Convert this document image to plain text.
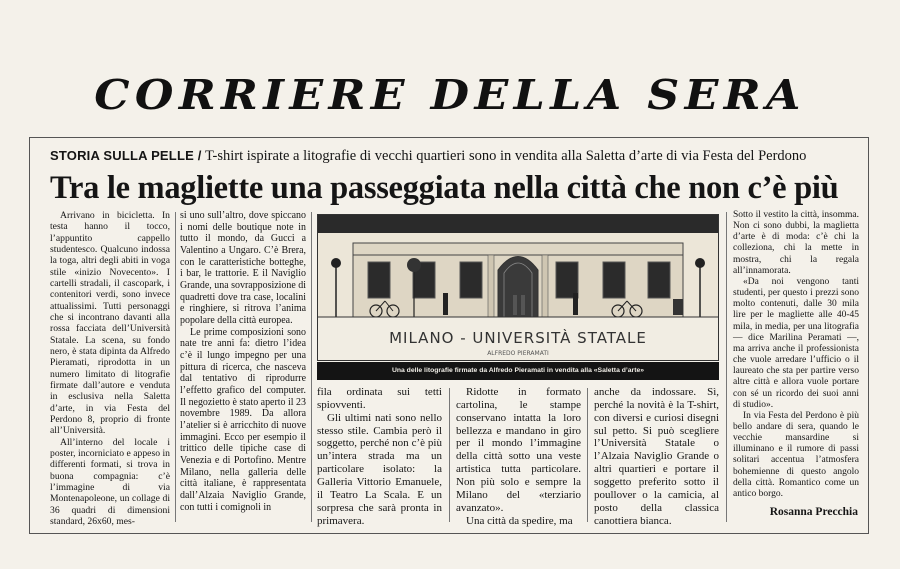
CORRIERE DELLA SERA
STORIA SULLA PELLE / T-shirt ispirate a litografie di vecchi quartieri sono in vendita alla Saletta d’arte di via Festa del Perdono
Tra le magliette una passeggiata nella città che non c’è più

Arrivano in bicicletta. In testa hanno il tocco, l’appuntito cappello studentesco. Qualcuno indossa la toga, altri degli abiti in voga stile «inizio Novecento». I cartelli stradali, il cascopark, i contenitori verdi, sono invece attualissimi. Tutti personaggi che si incontrano davanti alla rossa facciata dell’Università Statale. La scena, su fondo nero, è stata dipinta da Alfredo Pieramati, riprodotta in un numero limitato di litografie firmate dall’autore e venduta in esclusiva nella Saletta d’arte, in via Festa del Perdono 8, proprio di fronte all’Università.

All’interno del locale i poster, incorniciato e appeso in differenti formati, si trova in buona compagnia: c’è l’immagine di via Montenapoleone, un collage di 36 quadri di dimensioni standard, 26x60, mes-

si uno sull’altro, dove spiccano i nomi delle boutique note in tutto il mondo, da Gucci a Valentino a Ungaro. C’è Brera, con le caratteristiche botteghe, i bar, le trattorie. E il Naviglio Grande, una sovrapposizione di quadretti dove tra case, localini e ringhiere, si ritrova l’anima popolare della città europea.

Le prime composizioni sono nate tre anni fa: dietro l’idea c’è il lungo impegno per una pittura di ricerca, che nasceva dal tentativo di riprodurre l’effetto grafico del computer. Il negozietto è stato aperto il 23 novembre 1989. Da allora l’atelier si è arricchito di nuove immagini. Ecco per esempio il trittico delle tipiche case di Venezia e di Portofino. Mentre Milano, nella galleria delle città italiane, è rappresentata dall’Alzaia Naviglio Grande, con tutti i comignoli in

MILANO - UNIVERSITÀ STATALE
ALFREDO PIERAMATI
Una delle litografie firmate da Alfredo Pieramati in vendita alla «Saletta d’arte»

fila ordinata sui tetti spiovventi.

Gli ultimi nati sono nello stesso stile. Cambia però il soggetto, perché non c’è più un’intera strada ma un particolare isolato: la Galleria Vittorio Emanuele, il Teatro La Scala. E un sorpresa che sarà pronta in primavera.

Ridotte in formato cartolina, le stampe conservano intatta la loro bellezza e mandano in giro per il mondo l’immagine della città sotto una veste artistica tutta particolare. Non più solo e sempre la Milano del «terziario avanzato».

Una città da spedire, ma

anche da indossare. Sì, perché la novità è la T-shirt, con diversi e curiosi disegni sul petto. Si può scegliere l’Università Statale o l’Alzaia Naviglio Grande o altri quartieri e portare il soggetto preferito sotto il poullover o la camicia, al posto della classica canottiera bianca.

Sotto il vestito la città, insomma. Non ci sono dubbi, la maglietta d’arte è di moda: c’è chi la colleziona, chi la mette in mostra, chi la regala all’innamorata.

«Da noi vengono tanti studenti, per questo i prezzi sono molto contenuti, dalle 30 mila lire per le magliette alle 40-45 mila, in media, per una litografia — dice Marilina Peramati —, ma arriva anche il professionista che vuole arredare l’ufficio o il laureato che sta per partire verso altre città e allora vuole portare con sé un ricordo dei suoi anni di studio».

In via Festa del Perdono è più bello andare di sera, quando le vecchie mansardine si illuminano e il rumore di passi solitari accentua l’atmosfera bohemienne di questo angolo della città. Romantico come un antico borgo.

Rosanna Precchia
